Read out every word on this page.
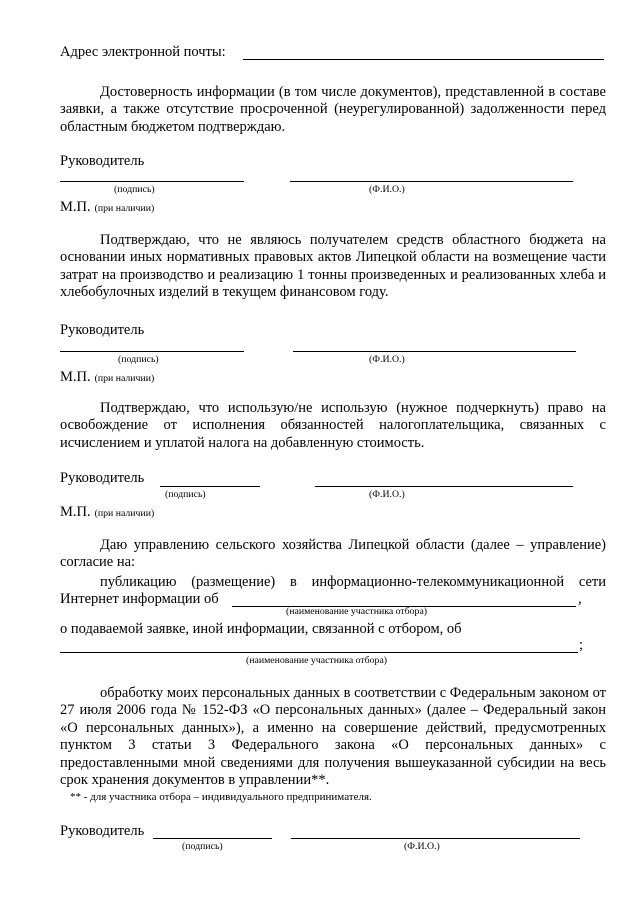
Адрес электронной почты:
Достоверность информации (в том числе документов), представленной в составе заявки, а также отсутствие просроченной (неурегулированной) задолженности перед областным бюджетом подтверждаю.
Руководитель
(подпись)	(Ф.И.О.)
М.П. (при наличии)
Подтверждаю, что не являюсь получателем средств областного бюджета на основании иных нормативных правовых актов Липецкой области на возмещение части затрат на производство и реализацию 1 тонны произведенных и реализованных хлеба и хлебобулочных изделий в текущем финансовом году.
Руководитель
(подпись)	(Ф.И.О.)
М.П. (при наличии)
Подтверждаю, что использую/не использую (нужное подчеркнуть) право на освобождение от исполнения обязанностей налогоплательщика, связанных с исчислением и уплатой налога на добавленную стоимость.
Руководитель
(подпись)	(Ф.И.О.)
М.П. (при наличии)
Даю управлению сельского хозяйства Липецкой области (далее – управление) согласие на:
публикацию (размещение) в информационно-телекоммуникационной сети
Интернет информации об	,
(наименование участника отбора)
о подаваемой заявке, иной информации, связанной с отбором, об
;
(наименование участника отбора)
обработку моих персональных данных в соответствии с Федеральным законом от 27 июля 2006 года № 152-ФЗ «О персональных данных» (далее – Федеральный закон «О персональных данных»), а именно на совершение действий, предусмотренных пунктом 3 статьи 3 Федерального закона «О персональных данных» с предоставленными мной сведениями для получения вышеуказанной субсидии на весь срок хранения документов в управлении**.
** - для участника отбора – индивидуального предпринимателя.
Руководитель
(подпись)	(Ф.И.О.)
